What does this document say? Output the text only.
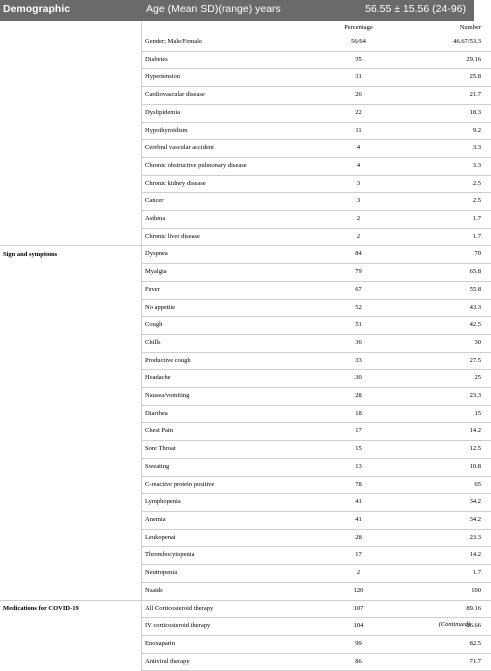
Demographic	Age (Mean SD)(range) years	56.55 ± 15.56 (24-96)
		Percentage	Number
	Gender; Male/Female	56/64	46.67/53.3
	Diabetes	35	29.16
	Hypertension	31	25.8
	Cardiovascular disease	26	21.7
	Dyslipidemia	22	18.3
	Hypothyroidism	11	9.2
	Cerebral vascular accident	4	3.3
	Chronic obstructive pulmonary disease	4	3.3
	Chronic kidney disease	3	2.5
	Cancer	3	2.5
	Asthma	2	1.7
	Chronic liver disease	2	1.7
Sign and symptoms	Dyspnea	84	70
	Myalgia	79	65.8
	Fever	67	55.8
	No appetite	52	43.3
	Cough	51	42.5
	Chills	36	30
	Productive cough	33	27.5
	Headache	30	25
	Nausea/vomiting	28	23.3
	Diarrhea	18	15
	Chest Pain	17	14.2
	Sore Throat	15	12.5
	Sweating	13	10.8
	C-reactive protein positive	78	65
	Lymphopenia	41	34.2
	Anemia	41	34.2
	Leukopenai	28	23.3
	Thrombocytopenia	17	14.2
	Neutropenia	2	1.7
	Nsaids	120	100
Medications for COVID-19	All Corticosteroid therapy	107	89.16
	IV corticosteroid therapy	104	86.66
	Enoxaparin	99	82.5
	Antiviral therapy	86	71.7
(Continued)
